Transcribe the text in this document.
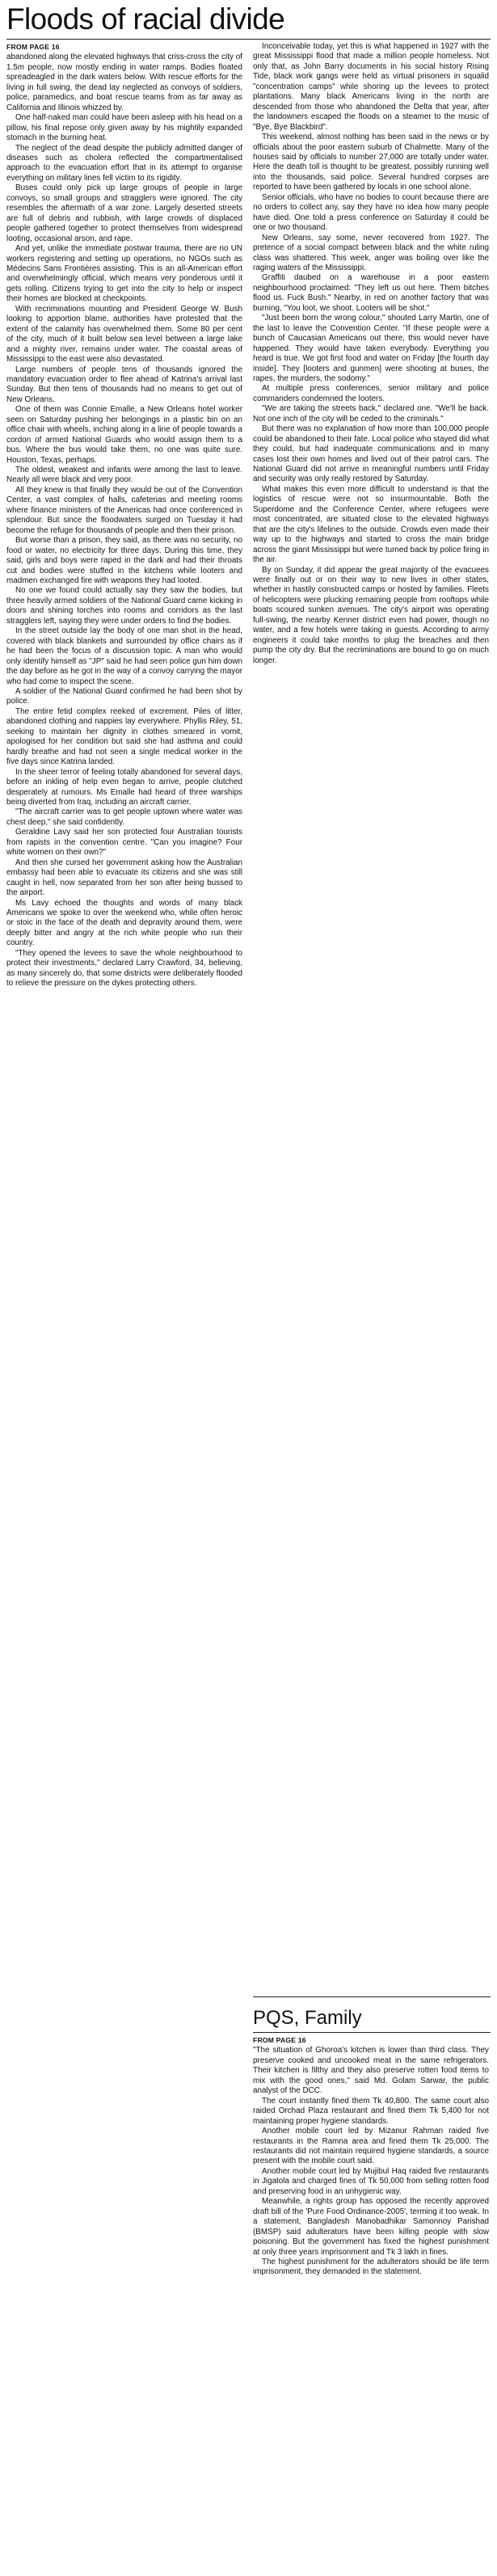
Floods of racial divide

FROM PAGE 16
abandoned along the elevated highways that criss-cross the city of 1.5m people, now mostly ending in water ramps. Bodies floated spreadeagled in the dark waters below. With rescue efforts for the living in full swing, the dead lay neglected as convoys of soldiers, police, paramedics, and boat rescue teams from as far away as California and Illinois whizzed by.

One half-naked man could have been asleep with his head on a pillow, his final repose only given away by his mightily expanded stomach in the burning heat.

The neglect of the dead despite the publicly admitted danger of diseases such as cholera reflected the compartmentalised approach to the evacuation effort that in its attempt to organise everything on military lines fell victim to its rigidity.

Buses could only pick up large groups of people in large convoys, so small groups and stragglers were ignored. The city resembles the aftermath of a war zone. Largely deserted streets are full of debris and rubbish, with large crowds of displaced people gathered together to protect themselves from widespread looting, occasional arson, and rape.

And yet, unlike the immediate postwar trauma, there are no UN workers registering and setting up operations, no NGOs such as Médecins Sans Frontières assisting. This is an all-American effort and overwhelmingly official, which means very ponderous until it gets rolling. Citizens trying to get into the city to help or inspect their homes are blocked at checkpoints.

With recriminations mounting and President George W. Bush looking to apportion blame, authorities have protested that the extent of the calamity has overwhelmed them. Some 80 per cent of the city, much of it built below sea level between a large lake and a mighty river, remains under water. The coastal areas of Mississippi to the east were also devastated.

Large numbers of people tens of thousands ignored the mandatory evacuation order to flee ahead of Katrina's arrival last Sunday. But then tens of thousands had no means to get out of New Orleans.

One of them was Connie Emalle, a New Orleans hotel worker seen on Saturday pushing her belongings in a plastic bin on an office chair with wheels, inching along in a line of people towards a cordon of armed National Guards who would assign them to a bus. Where the bus would take them, no one was quite sure. Houston, Texas, perhaps.

The oldest, weakest and infants were among the last to leave. Nearly all were black and very poor.

All they knew is that finally they would be out of the Convention Center, a vast complex of halls, cafeterias and meeting rooms where finance ministers of the Americas had once conferenced in splendour. But since the floodwaters surged on Tuesday it had become the refuge for thousands of people and then their prison.

But worse than a prison, they said, as there was no security, no food or water, no electricity for three days. During this time, they said, girls and boys were raped in the dark and had their throats cut and bodies were stuffed in the kitchens while looters and madmen exchanged fire with weapons they had looted.

No one we found could actually say they saw the bodies, but three heavily armed soldiers of the National Guard came kicking in doors and shining torches into rooms and corridors as the last stragglers left, saying they were under orders to find the bodies.

In the street outside lay the body of one man shot in the head, covered with black blankets and surrounded by office chairs as if he had been the focus of a discussion topic. A man who would only identify himself as "JP" said he had seen police gun him down the day before as he got in the way of a convoy carrying the mayor who had come to inspect the scene.

A soldier of the National Guard confirmed he had been shot by police.

The entire fetid complex reeked of excrement. Piles of litter, abandoned clothing and nappies lay everywhere. Phyllis Riley, 51, seeking to maintain her dignity in clothes smeared in vomit, apologised for her condition but said she had asthma and could hardly breathe and had not seen a single medical worker in the five days since Katrina landed.

In the sheer terror of feeling totally abandoned for several days, before an inkling of help even began to arrive, people clutched desperately at rumours. Ms Emalle had heard of three warships being diverted from Iraq, including an aircraft carrier.

"The aircraft carrier was to get people uptown where water was chest deep," she said confidently.

Geraldine Lavy said her son protected four Australian tourists from rapists in the convention centre. "Can you imagine? Four white women on their own?"

And then she cursed her government asking how the Australian embassy had been able to evacuate its citizens and she was still caught in hell, now separated from her son after being bussed to the airport.

Ms Lavy echoed the thoughts and words of many black Americans we spoke to over the weekend who, while often heroic or stoic in the face of the death and depravity around them, were deeply bitter and angry at the rich white people who run their country.

"They opened the levees to save the whole neighbourhood to protect their investments," declared Larry Crawford, 34, believing, as many sincerely do, that some districts were deliberately flooded to relieve the pressure on the dykes protecting others.

Inconceivable today, yet this is what happened in 1927 with the great Mississippi flood that made a million people homeless. Not only that, as John Barry documents in his social history Rising Tide, black work gangs were held as virtual prisoners in squalid "concentration camps" while shoring up the levees to protect plantations. Many black Americans living in the north are descended from those who abandoned the Delta that year, after the landowners escaped the floods on a steamer to the music of "Bye, Bye Blackbird".

This weekend, almost nothing has been said in the news or by officials about the poor eastern suburb of Chalmette. Many of the houses said by officials to number 27,000 are totally under water. Here the death toll is thought to be greatest, possibly running well into the thousands, said police. Several hundred corpses are reported to have been gathered by locals in one school alone.

Senior officials, who have no bodies to count because there are no orders to collect any, say they have no idea how many people have died. One told a press conference on Saturday it could be one or two thousand.

New Orleans, say some, never recovered from 1927. The pretence of a social compact between black and the white ruling class was shattered. This week, anger was boiling over like the raging waters of the Mississippi.

Graffiti daubed on a warehouse in a poor eastern neighbourhood proclaimed: "They left us out here. Them bitches flood us. Fuck Bush." Nearby, in red on another factory that was burning, "You loot, we shoot. Looters will be shot."

"Just been born the wrong colour," shouted Larry Martin, one of the last to leave the Convention Center. "If these people were a bunch of Caucasian Americans out there, this would never have happened. They would have taken everybody. Everything you heard is true. We got first food and water on Friday [the fourth day inside]. They [looters and gunmen] were shooting at buses, the rapes, the murders, the sodomy."

At multiple press conferences, senior military and police commanders condemned the looters.

"We are taking the streets back," declared one. "We'll be back. Not one inch of the city will be ceded to the criminals."

But there was no explanation of how more than 100,000 people could be abandoned to their fate. Local police who stayed did what they could, but had inadequate communications and in many cases lost their own homes and lived out of their patrol cars. The National Guard did not arrive in meaningful numbers until Friday and security was only really restored by Saturday.

What makes this even more difficult to understand is that the logistics of rescue were not so insurmountable. Both the Superdome and the Conference Center, where refugees were most concentrated, are situated close to the elevated highways that are the city's lifelines to the outside. Crowds even made their way up to the highways and started to cross the main bridge across the giant Mississippi but were turned back by police firing in the air.

By on Sunday, it did appear the great majority of the evacuees were finally out or on their way to new lives in other states, whether in hastily constructed camps or hosted by families. Fleets of helicopters were plucking remaining people from rooftops while boats scoured sunken avenues. The city's airport was operating full-swing, the nearby Kenner district even had power, though no water, and a few hotels were taking in guests. According to army engineers it could take months to plug the breaches and then pump the city dry. But the recriminations are bound to go on much longer.

PQS, Family

FROM PAGE 16
"The situation of Ghoroa's kitchen is lower than third class. They preserve cooked and uncooked meat in the same refrigerators. Their kitchen is filthy and they also preserve rotten food items to mix with the good ones," said Md. Golam Sarwar, the public analyst of the DCC.

The court instantly fined them Tk 40,800. The same court also raided Orchad Plaza restaurant and fined them Tk 5,400 for not maintaining proper hygiene standards.

Another mobile court led by Mizanur Rahman raided five restaurants in the Ramna area and fined them Tk 25,000. The restaurants did not maintain required hygiene standards, a source present with the mobile court said.

Another mobile court led by Mujibul Haq raided five restaurants in Jigatola and charged fines of Tk 50,000 from selling rotten food and preserving food in an unhygienic way.

Meanwhile, a rights group has opposed the recently approved draft bill of the 'Pure Food Ordinance-2005', terming it too weak. In a statement, Bangladesh Manobadhikar Samonnoy Parishad (BMSP) said adulterators have been killing people with slow poisoning. But the government has fixed the highest punishment at only three years imprisonment and Tk 3 lakh in fines.

The highest punishment for the adulterators should be life term imprisonment, they demanded in the statement.
